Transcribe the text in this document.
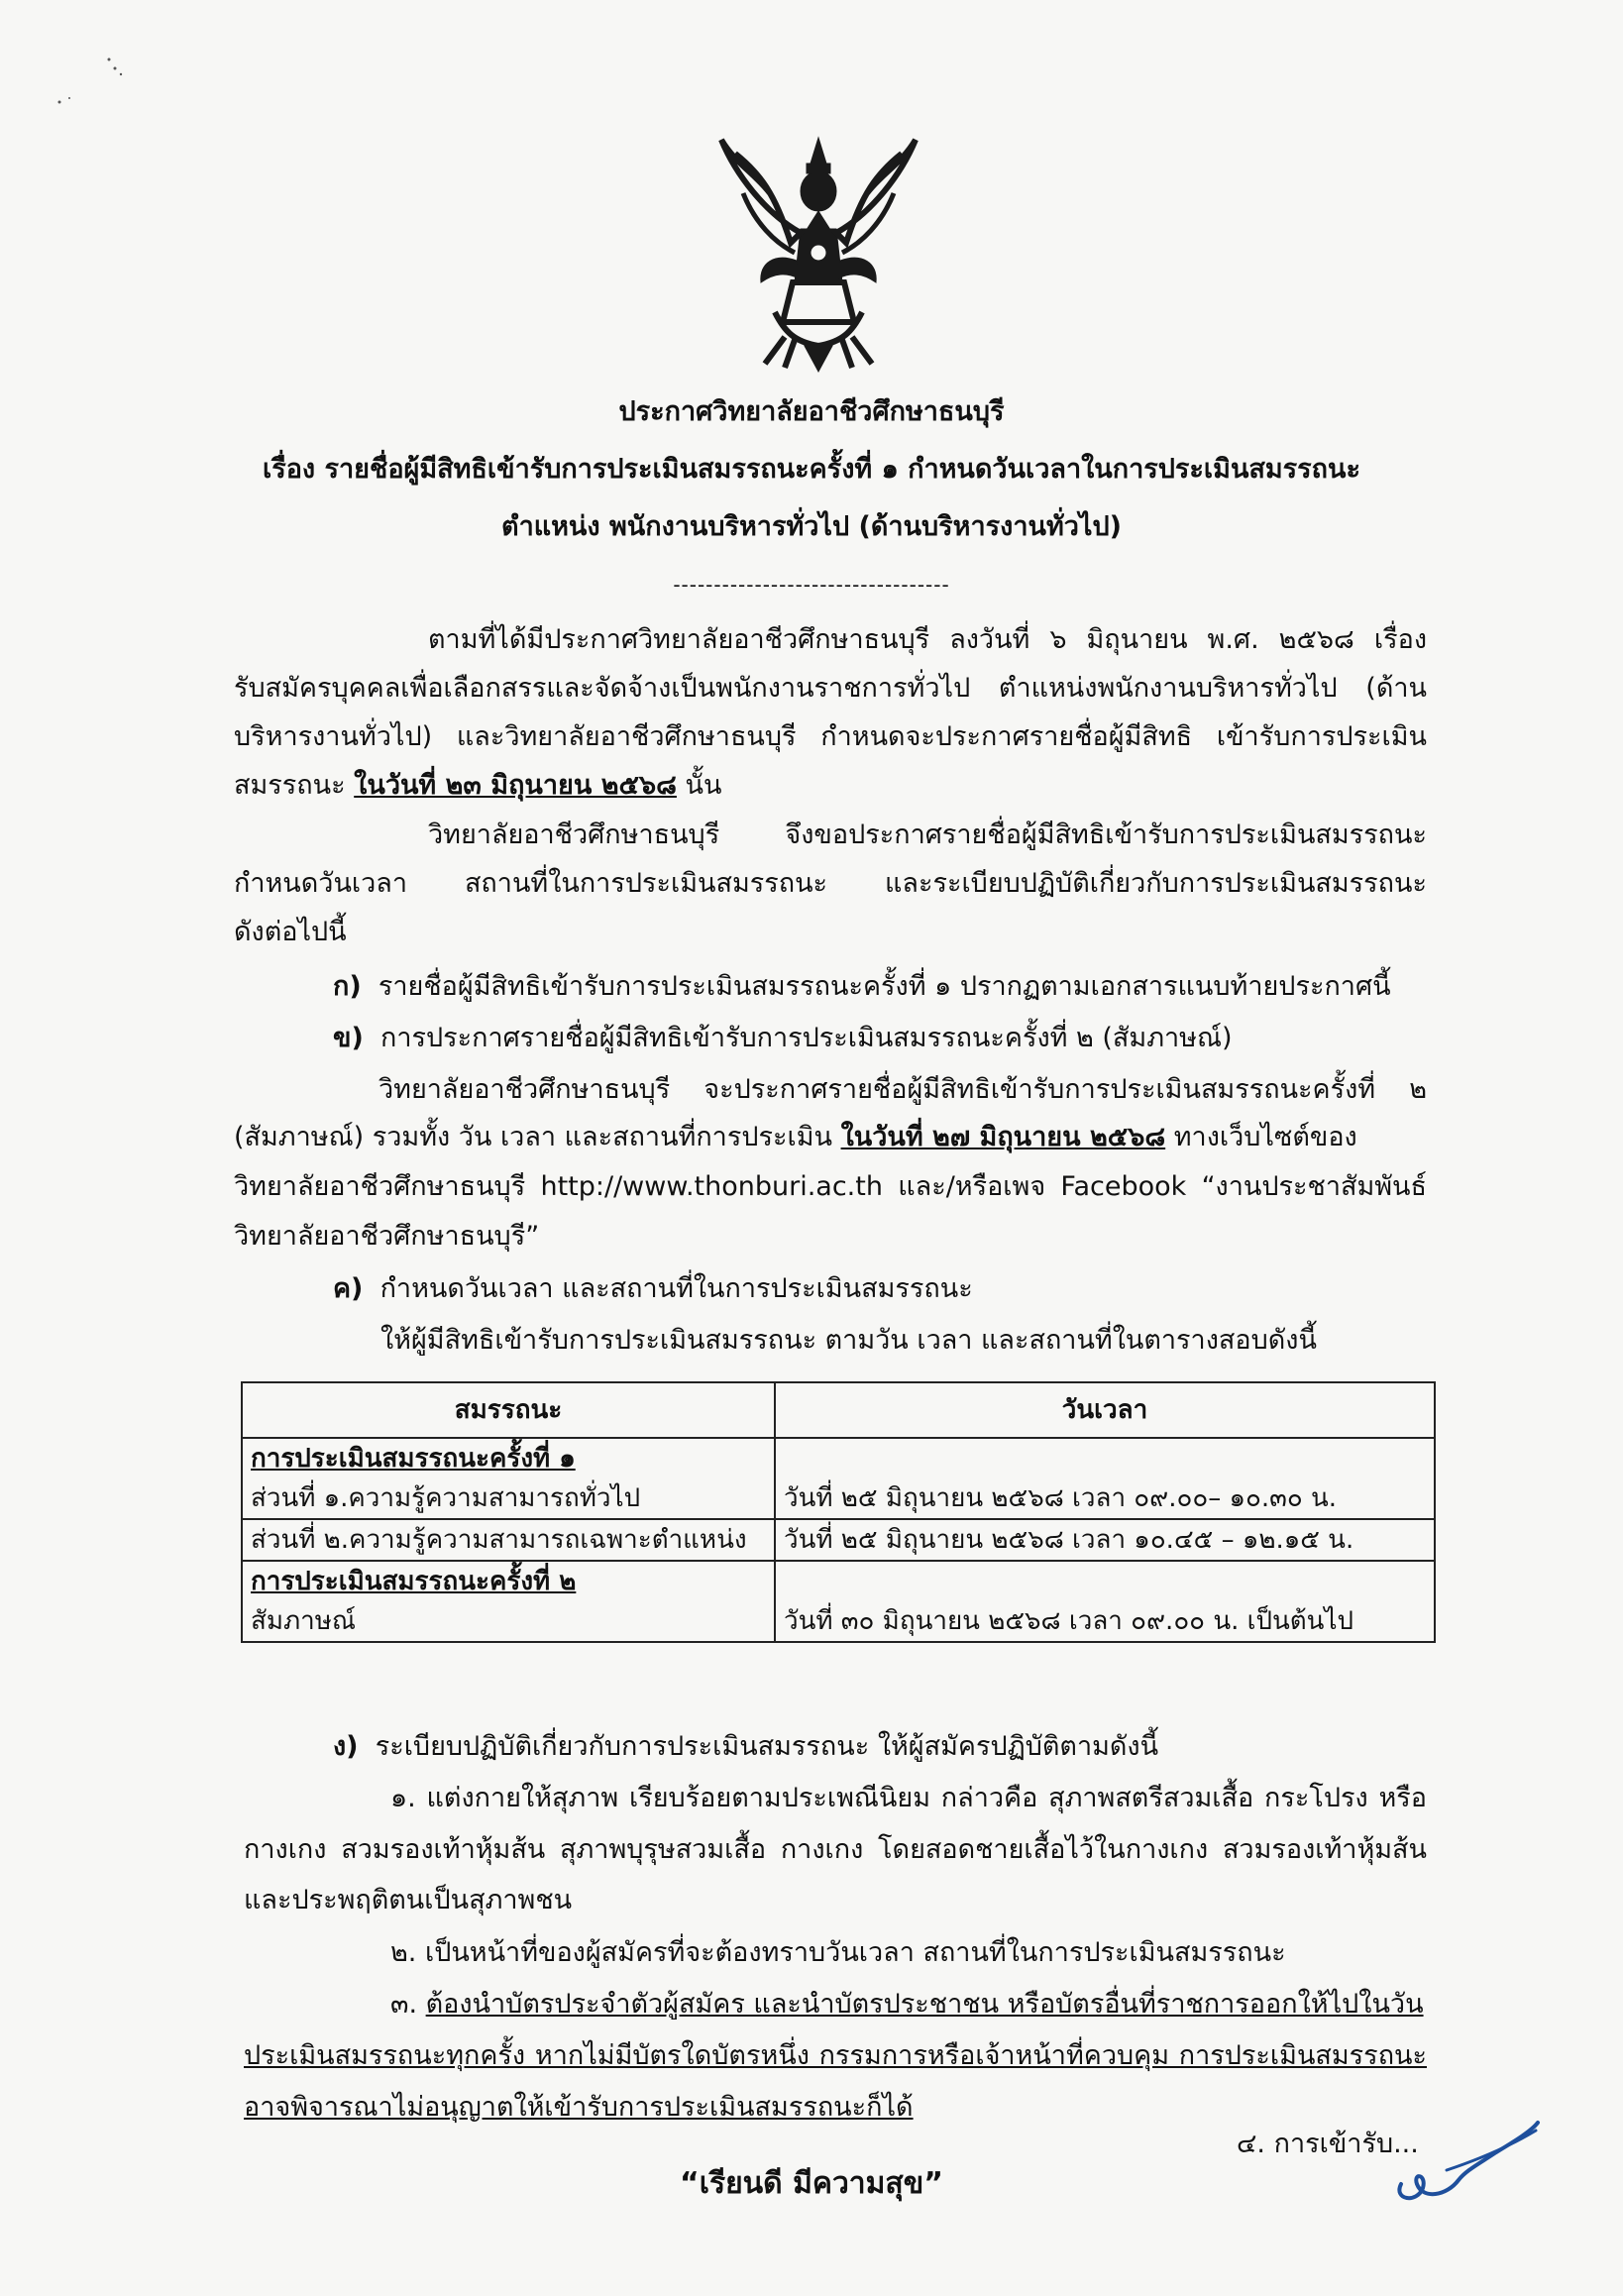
ประกาศวิทยาลัยอาชีวศึกษาธนบุรี
เรื่อง รายชื่อผู้มีสิทธิเข้ารับการประเมินสมรรถนะครั้งที่ ๑ กำหนดวันเวลาในการประเมินสมรรถนะ
ตำแหน่ง พนักงานบริหารทั่วไป (ด้านบริหารงานทั่วไป)
----------------------------------
ตามที่ได้มีประกาศวิทยาลัยอาชีวศึกษาธนบุรี ลงวันที่ ๖ มิถุนายน พ.ศ. ๒๕๖๘ เรื่อง
รับสมัครบุคคลเพื่อเลือกสรรและจัดจ้างเป็นพนักงานราชการทั่วไป ตำแหน่งพนักงานบริหารทั่วไป (ด้าน
บริหารงานทั่วไป) และวิทยาลัยอาชีวศึกษาธนบุรี กำหนดจะประกาศรายชื่อผู้มีสิทธิ เข้ารับการประเมิน
สมรรถนะ ในวันที่ ๒๓ มิถุนายน ๒๕๖๘ นั้น
วิทยาลัยอาชีวศึกษาธนบุรี จึงขอประกาศรายชื่อผู้มีสิทธิเข้ารับการประเมินสมรรถนะ
กำหนดวันเวลา สถานที่ในการประเมินสมรรถนะ และระเบียบปฏิบัติเกี่ยวกับการประเมินสมรรถนะ
ดังต่อไปนี้
ก) รายชื่อผู้มีสิทธิเข้ารับการประเมินสมรรถนะครั้งที่ ๑ ปรากฏตามเอกสารแนบท้ายประกาศนี้
ข) การประกาศรายชื่อผู้มีสิทธิเข้ารับการประเมินสมรรถนะครั้งที่ ๒ (สัมภาษณ์)
วิทยาลัยอาชีวศึกษาธนบุรี จะประกาศรายชื่อผู้มีสิทธิเข้ารับการประเมินสมรรถนะครั้งที่ ๒
(สัมภาษณ์) รวมทั้ง วัน เวลา และสถานที่การประเมิน ในวันที่ ๒๗ มิถุนายน ๒๕๖๘ ทางเว็บไซต์ของ
วิทยาลัยอาชีวศึกษาธนบุรี http://www.thonburi.ac.th และ/หรือเพจ Facebook “งานประชาสัมพันธ์
วิทยาลัยอาชีวศึกษาธนบุรี”
ค) กำหนดวันเวลา และสถานที่ในการประเมินสมรรถนะ
ให้ผู้มีสิทธิเข้ารับการประเมินสมรรถนะ ตามวัน เวลา และสถานที่ในตารางสอบดังนี้
สมรรถนะ	วันเวลา

การประเมินสมรรถนะครั้งที่ ๑
ส่วนที่ ๑.ความรู้ความสามารถทั่วไป	วันที่ ๒๕ มิถุนายน ๒๕๖๘ เวลา ๐๙.๐๐– ๑๐.๓๐ น.
ส่วนที่ ๒.ความรู้ความสามารถเฉพาะตำแหน่ง	วันที่ ๒๕ มิถุนายน ๒๕๖๘ เวลา ๑๐.๔๕ – ๑๒.๑๕ น.

การประเมินสมรรถนะครั้งที่ ๒
สัมภาษณ์	วันที่ ๓๐ มิถุนายน ๒๕๖๘ เวลา ๐๙.๐๐ น. เป็นต้นไป
ง) ระเบียบปฏิบัติเกี่ยวกับการประเมินสมรรถนะ ให้ผู้สมัครปฏิบัติตามดังนี้
๑. แต่งกายให้สุภาพ เรียบร้อยตามประเพณีนิยม กล่าวคือ สุภาพสตรีสวมเสื้อ กระโปรง หรือ
กางเกง สวมรองเท้าหุ้มส้น สุภาพบุรุษสวมเสื้อ กางเกง โดยสอดชายเสื้อไว้ในกางเกง สวมรองเท้าหุ้มส้น
และประพฤติตนเป็นสุภาพชน
๒. เป็นหน้าที่ของผู้สมัครที่จะต้องทราบวันเวลา สถานที่ในการประเมินสมรรถนะ
๓. ต้องนำบัตรประจำตัวผู้สมัคร และนำบัตรประชาชน หรือบัตรอื่นที่ราชการออกให้ไปในวัน
ประเมินสมรรถนะทุกครั้ง หากไม่มีบัตรใดบัตรหนึ่ง กรรมการหรือเจ้าหน้าที่ควบคุม การประเมินสมรรถนะ
อาจพิจารณาไม่อนุญาตให้เข้ารับการประเมินสมรรถนะก็ได้
๔. การเข้ารับ...
“เรียนดี มีความสุข”
